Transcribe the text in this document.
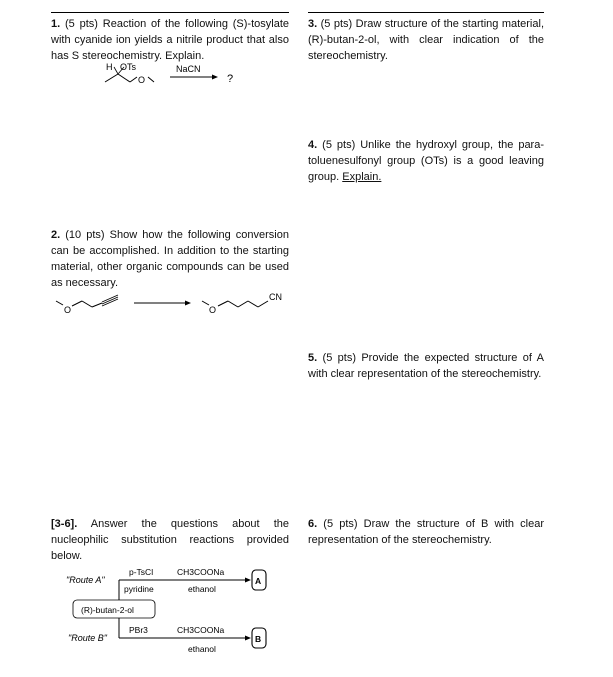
1. (5 pts) Reaction of the following (S)-tosylate with cyanide ion yields a nitrile product that also has S stereochemistry. Explain.
H OTs
O
NaCN
?
2. (10 pts) Show how the following conversion can be accomplished. In addition to the starting material, other organic compounds can be used as necessary.
O	O
CN
[3-6]. Answer the questions about the nucleophilic substitution reactions provided below.
"Route A"
"Route B"
(R)-butan-2-ol
p-TsCl
pyridine
CH3COONa
ethanol
A
PBr3	CH3COONa
ethanol
B
3. (5 pts) Draw structure of the starting material, (R)-butan-2-ol, with clear indication of the stereochemistry.
4. (5 pts) Unlike the hydroxyl group, the para-toluenesulfonyl group (OTs) is a good leaving group. Explain.
5. (5 pts) Provide the expected structure of A with clear representation of the stereochemistry.
6. (5 pts) Draw the structure of B with clear representation of the stereochemistry.
